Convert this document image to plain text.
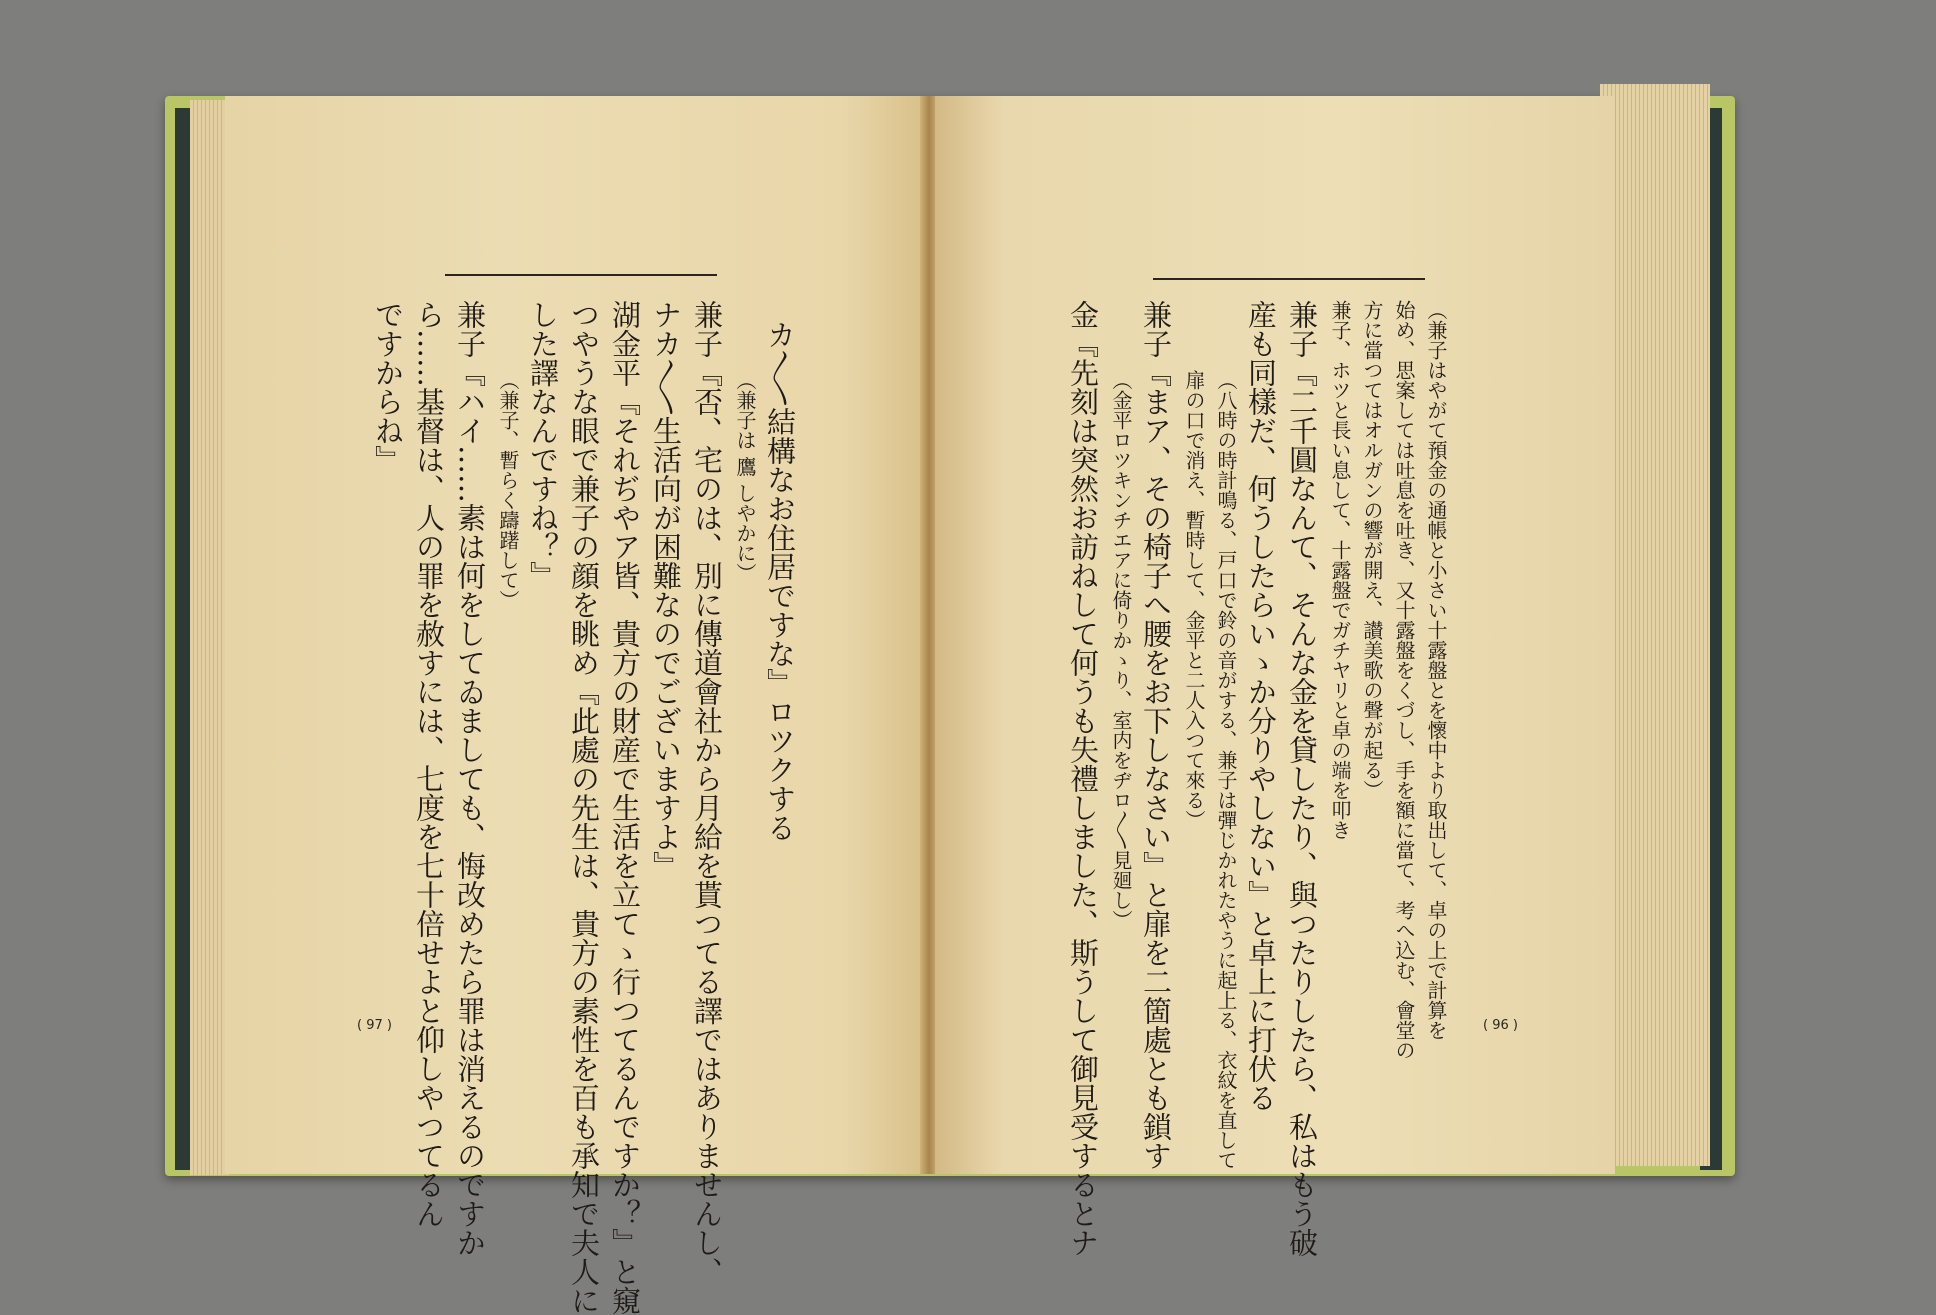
カ〳〵結構なお住居ですな』ロツクする
（兼子は 鷹 しやかに）
兼子『否、宅のは、別に傳道會社から月給を貰つてる譯ではありませんし、
ナカ〳〵生活向が困難なのでございますよ』
湖金平『それぢやア皆、貴方の財産で生活を立てゝ行つてるんですか？』と窺
つやうな眼で兼子の顔を眺め『此處の先生は、貴方の素性を百も承知で夫人に
した譯なんですね？』
（兼子、暫らく躊躇して）
兼子『ハイ……素は何をしてゐましても、悔改めたら罪は消えるのですか
ら……基督は、人の罪を赦すには、七度を七十倍せよと仰しやつてるん
ですからね』
( 97 )	（兼子はやがて預金の通帳と小さい十露盤とを懷中より取出して、卓の上で計算を
始め、思案しては吐息を吐き、又十露盤をくづし、手を額に當て、考へ込む、會堂の
方に當つてはオルガンの響が開え、讃美歌の聲が起る）
兼子、ホツと長い息して、十露盤でガチヤリと卓の端を叩き
兼子『二千圓なんて、そんな金を貸したり、與つたりしたら、私はもう破
産も同樣だ、何うしたらいゝか分りやしない』と卓上に打伏る
（八時の時計鳴る、戸口で鈴の音がする、兼子は彈じかれたやうに起上る、衣紋を直して
扉の口で消え、暫時して、金平と二人入つて來る）
兼子『まア、その椅子へ腰をお下しなさい』と扉を二箇處とも鎖す
（金平ロツキンチエアに倚りかゝり、室内をヂロ〳〵見廻し）
金『先刻は突然お訪ねして何うも失禮しました、斯うして御見受するとナ	( 96 )
